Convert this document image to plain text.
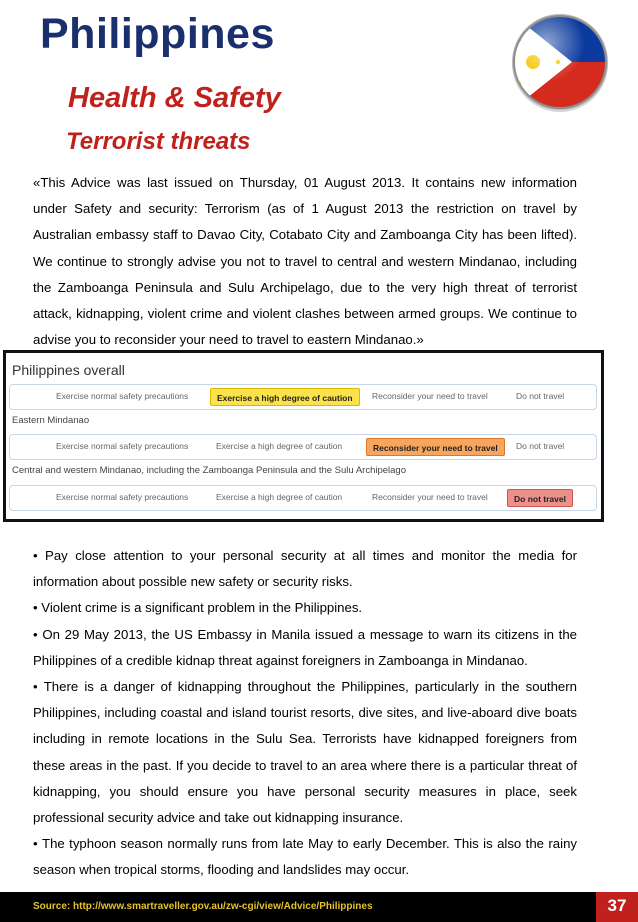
Philippines
Health & Safety
Terrorist threats
«This Advice was last issued on Thursday, 01 August 2013. It contains new information under Safety and security: Terrorism (as of 1 August 2013 the restriction on travel by Australian embassy staff to Davao City, Cotabato City and Zamboanga City has been lifted). We continue to strongly advise you not to travel to central and western Mindanao, including the Zamboanga Peninsula and Sulu Archipelago, due to the very high threat of terrorist attack, kidnapping, violent crime and violent clashes between armed groups. We continue to advise you to reconsider your need to travel to eastern Mindanao.»
Philippines overall
Exercise normal safety precautions	Exercise a high degree of caution	Reconsider your need to travel	Do not travel
Eastern Mindanao
Exercise normal safety precautions	Exercise a high degree of caution	Reconsider your need to travel	Do not travel
Central and western Mindanao, including the Zamboanga Peninsula and the Sulu Archipelago
Exercise normal safety precautions	Exercise a high degree of caution	Reconsider your need to travel	Do not travel

• Pay close attention to your personal security at all times and monitor the media for information about possible new safety or security risks.

• Violent crime is a significant problem in the Philippines.

• On 29 May 2013, the US Embassy in Manila issued a message to warn its citizens in the Philippines of a credible kidnap threat against foreigners in Zamboanga in Mindanao.

• There is a danger of kidnapping throughout the Philippines, particularly in the southern Philippines, including coastal and island tourist resorts, dive sites, and live-aboard dive boats including in remote locations in the Sulu Sea. Terrorists have kidnapped foreigners from these areas in the past. If you decide to travel to an area where there is a particular threat of kidnapping, you should ensure you have personal security measures in place, seek professional security advice and take out kidnapping insurance.

• The typhoon season normally runs from late May to early December. This is also the rainy season when tropical storms, flooding and landslides may occur.

Source: http://www.smartraveller.gov.au/zw-cgi/view/Advice/Philippines	37
